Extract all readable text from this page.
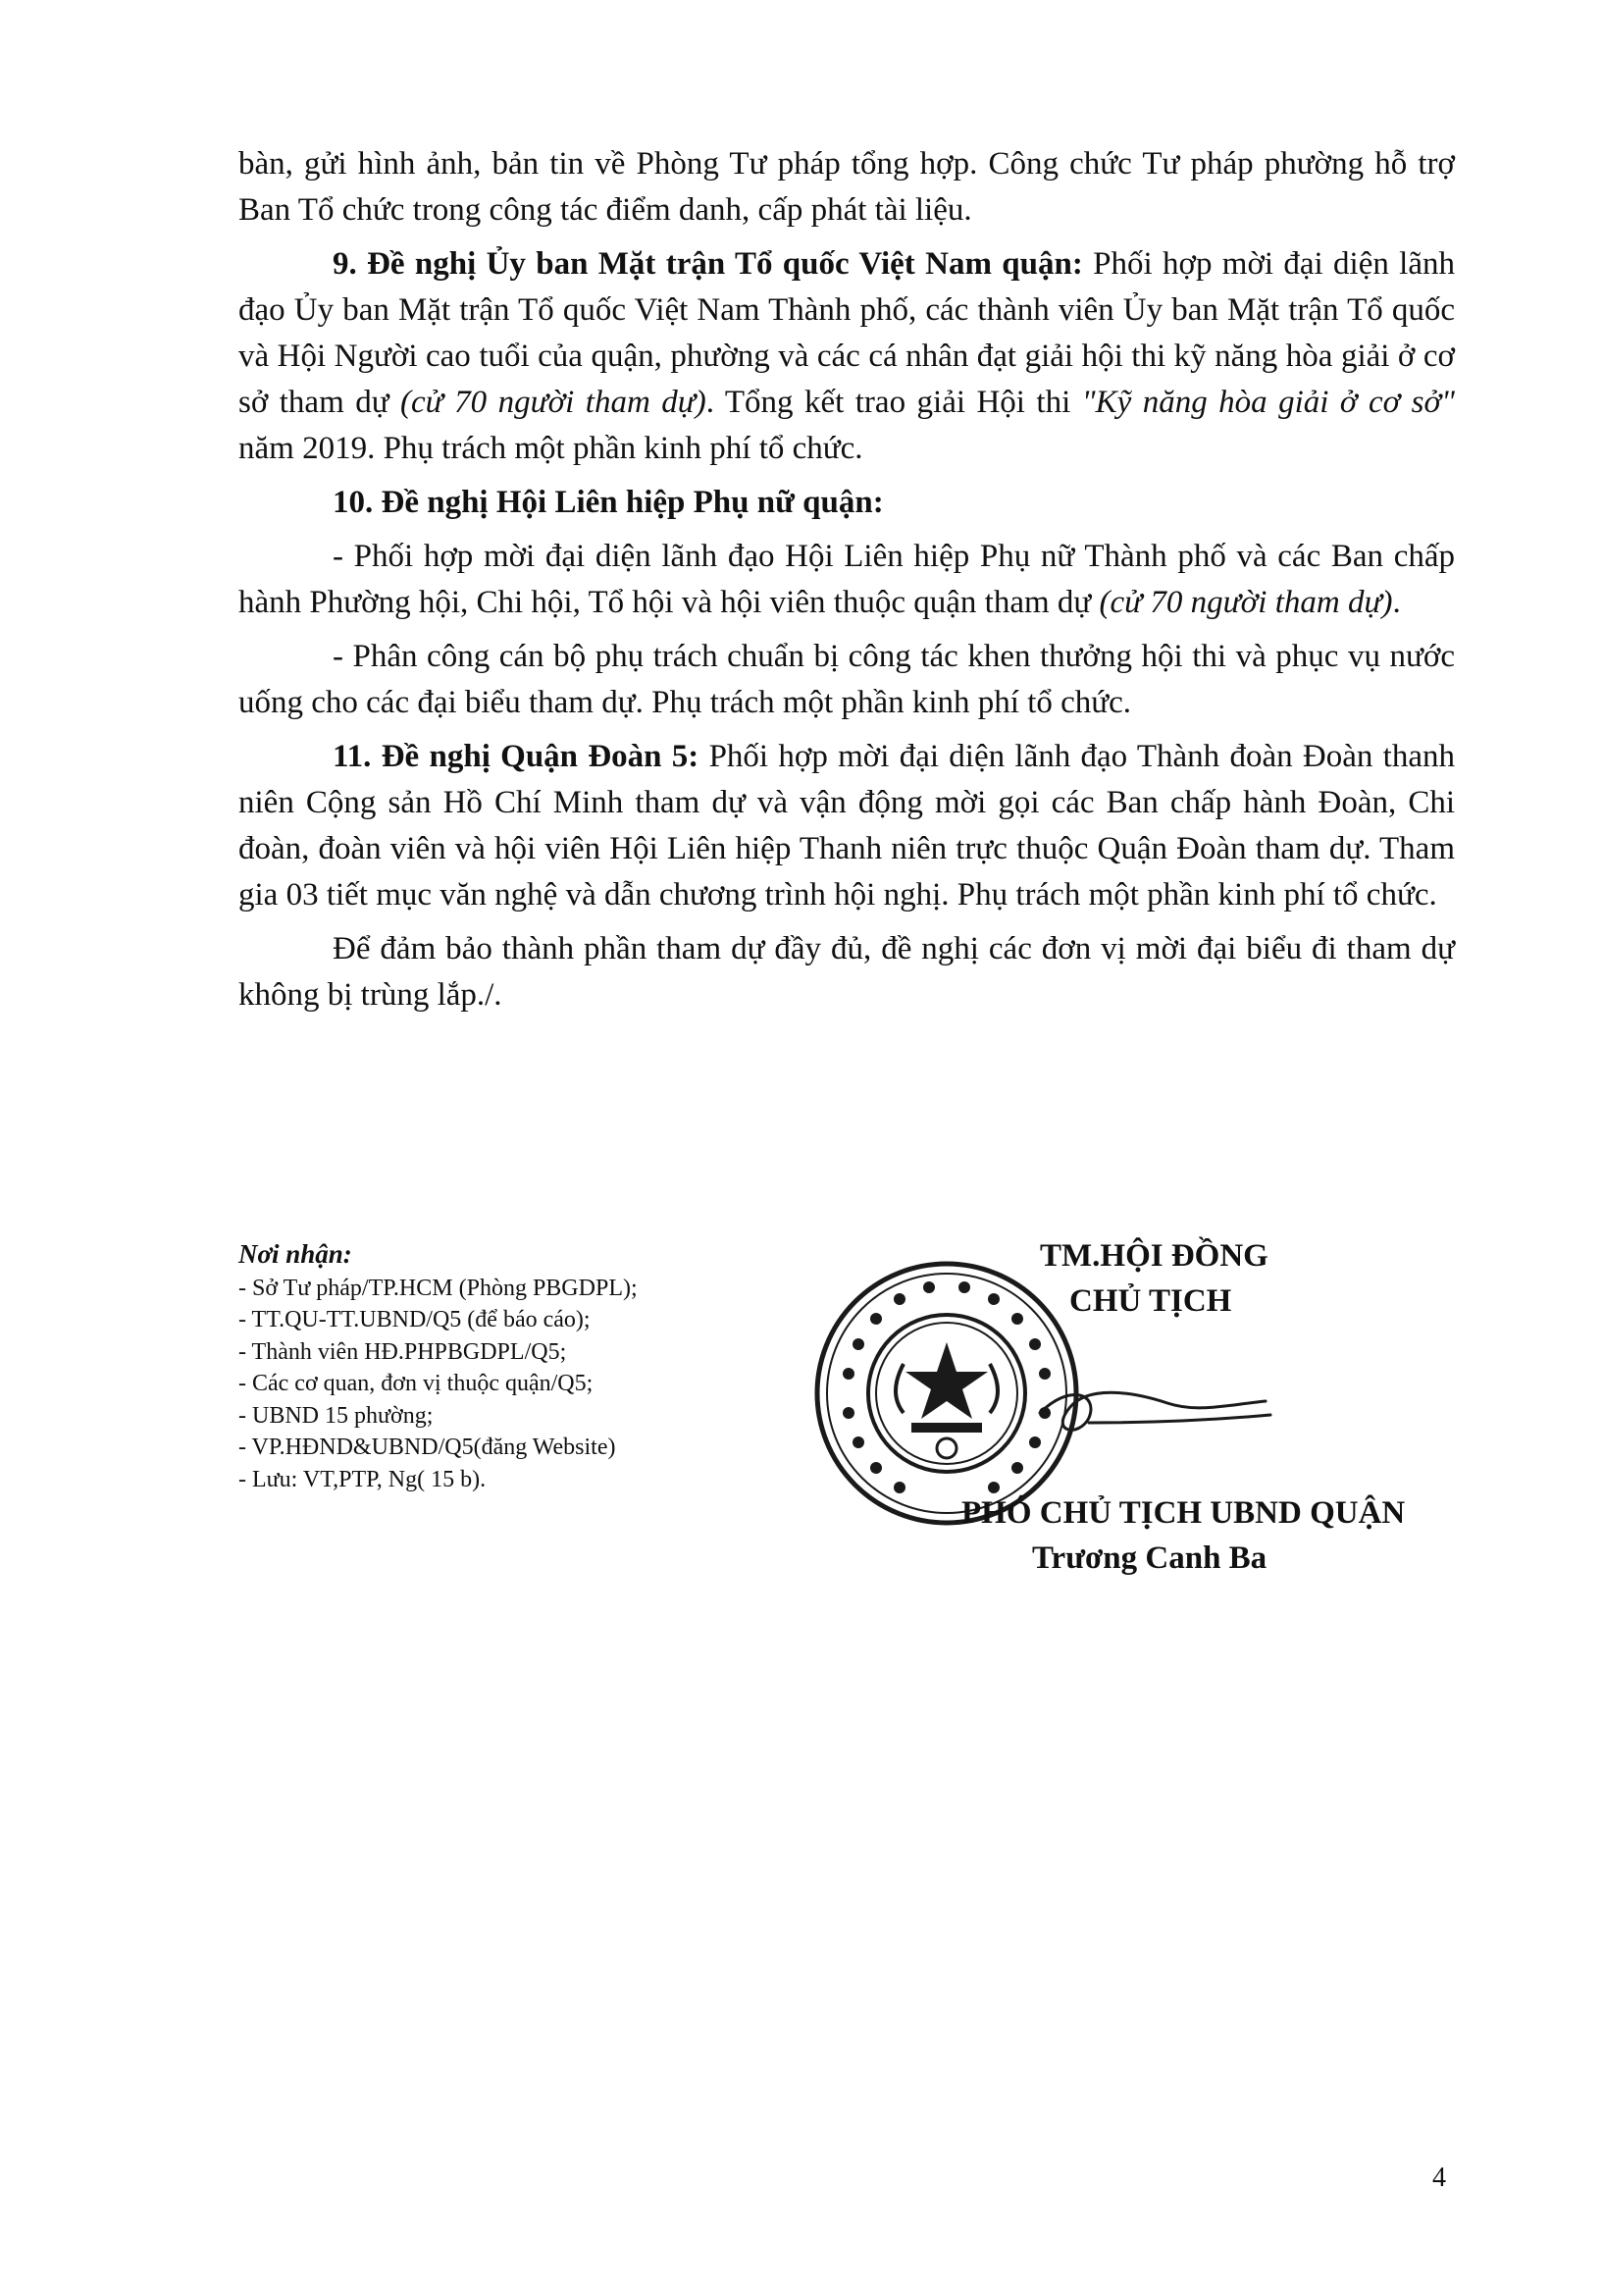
bàn, gửi hình ảnh, bản tin về Phòng Tư pháp tổng hợp. Công chức Tư pháp phường hỗ trợ Ban Tổ chức trong công tác điểm danh, cấp phát tài liệu.

9. Đề nghị Ủy ban Mặt trận Tổ quốc Việt Nam quận: Phối hợp mời đại diện lãnh đạo Ủy ban Mặt trận Tổ quốc Việt Nam Thành phố, các thành viên Ủy ban Mặt trận Tổ quốc và Hội Người cao tuổi của quận, phường và các cá nhân đạt giải hội thi kỹ năng hòa giải ở cơ sở tham dự (cử 70 người tham dự). Tổng kết trao giải Hội thi "Kỹ năng hòa giải ở cơ sở" năm 2019. Phụ trách một phần kinh phí tổ chức.

10. Đề nghị Hội Liên hiệp Phụ nữ quận:

- Phối hợp mời đại diện lãnh đạo Hội Liên hiệp Phụ nữ Thành phố và các Ban chấp hành Phường hội, Chi hội, Tổ hội và hội viên thuộc quận tham dự (cử 70 người tham dự).

- Phân công cán bộ phụ trách chuẩn bị công tác khen thưởng hội thi và phục vụ nước uống cho các đại biểu tham dự. Phụ trách một phần kinh phí tổ chức.

11. Đề nghị Quận Đoàn 5: Phối hợp mời đại diện lãnh đạo Thành đoàn Đoàn thanh niên Cộng sản Hồ Chí Minh tham dự và vận động mời gọi các Ban chấp hành Đoàn, Chi đoàn, đoàn viên và hội viên Hội Liên hiệp Thanh niên trực thuộc Quận Đoàn tham dự. Tham gia 03 tiết mục văn nghệ và dẫn chương trình hội nghị. Phụ trách một phần kinh phí tổ chức.

Để đảm bảo thành phần tham dự đầy đủ, đề nghị các đơn vị mời đại biểu đi tham dự không bị trùng lắp./.

Nơi nhận:
- Sở Tư pháp/TP.HCM (Phòng PBGDPL);
- TT.QU-TT.UBND/Q5 (để báo cáo);
- Thành viên HĐ.PHPBGDPL/Q5;
- Các cơ quan, đơn vị thuộc quận/Q5;
- UBND 15 phường;
- VP.HĐND&UBND/Q5(đăng Website)
- Lưu: VT,PTP, Ng( 15 b).
TM.HỘI ĐỒNG
CHỦ TỊCH
PHÓ CHỦ TỊCH UBND QUẬN
Trương Canh Ba
4
